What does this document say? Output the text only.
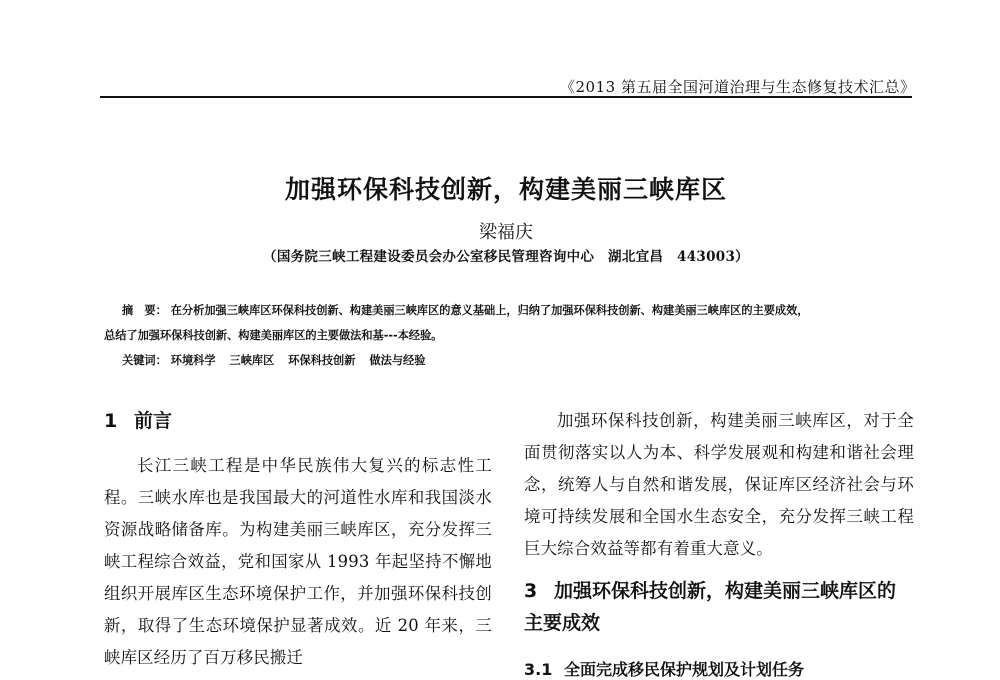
《2013 第五届全国河道治理与生态修复技术汇总》
加强环保科技创新，构建美丽三峡库区
梁福庆
（国务院三峡工程建设委员会办公室移民管理咨询中心　湖北宜昌　443003）
摘　要： 在分析加强三峡库区环保科技创新、构建美丽三峡库区的意义基础上，归纳了加强环保科技创新、构建美丽三峡库区的主要成效，
总结了加强环保科技创新、构建美丽库区的主要做法和基---本经验。
关键词： 环境科学 三峡库区 环保科技创新 做法与经验
1 前言

长江三峡工程是中华民族伟大复兴的标志性工程。三峡水库也是我国最大的河道性水库和我国淡水资源战略储备库。为构建美丽三峡库区，充分发挥三峡工程综合效益，党和国家从 1993 年起坚持不懈地组织开展库区生态环境保护工作，并加强环保科技创新，取得了生态环境保护显著成效。近 20 年来，三峡库区经历了百万移民搬迁

加强环保科技创新，构建美丽三峡库区，对于全面贯彻落实以人为本、科学发展观和构建和谐社会理念，统筹人与自然和谐发展，保证库区经济社会与环境可持续发展和全国水生态安全，充分发挥三峡工程巨大综合效益等都有着重大意义。

3 加强环保科技创新，构建美丽三峡库区的主要成效
3.1 全面完成移民保护规划及计划任务
